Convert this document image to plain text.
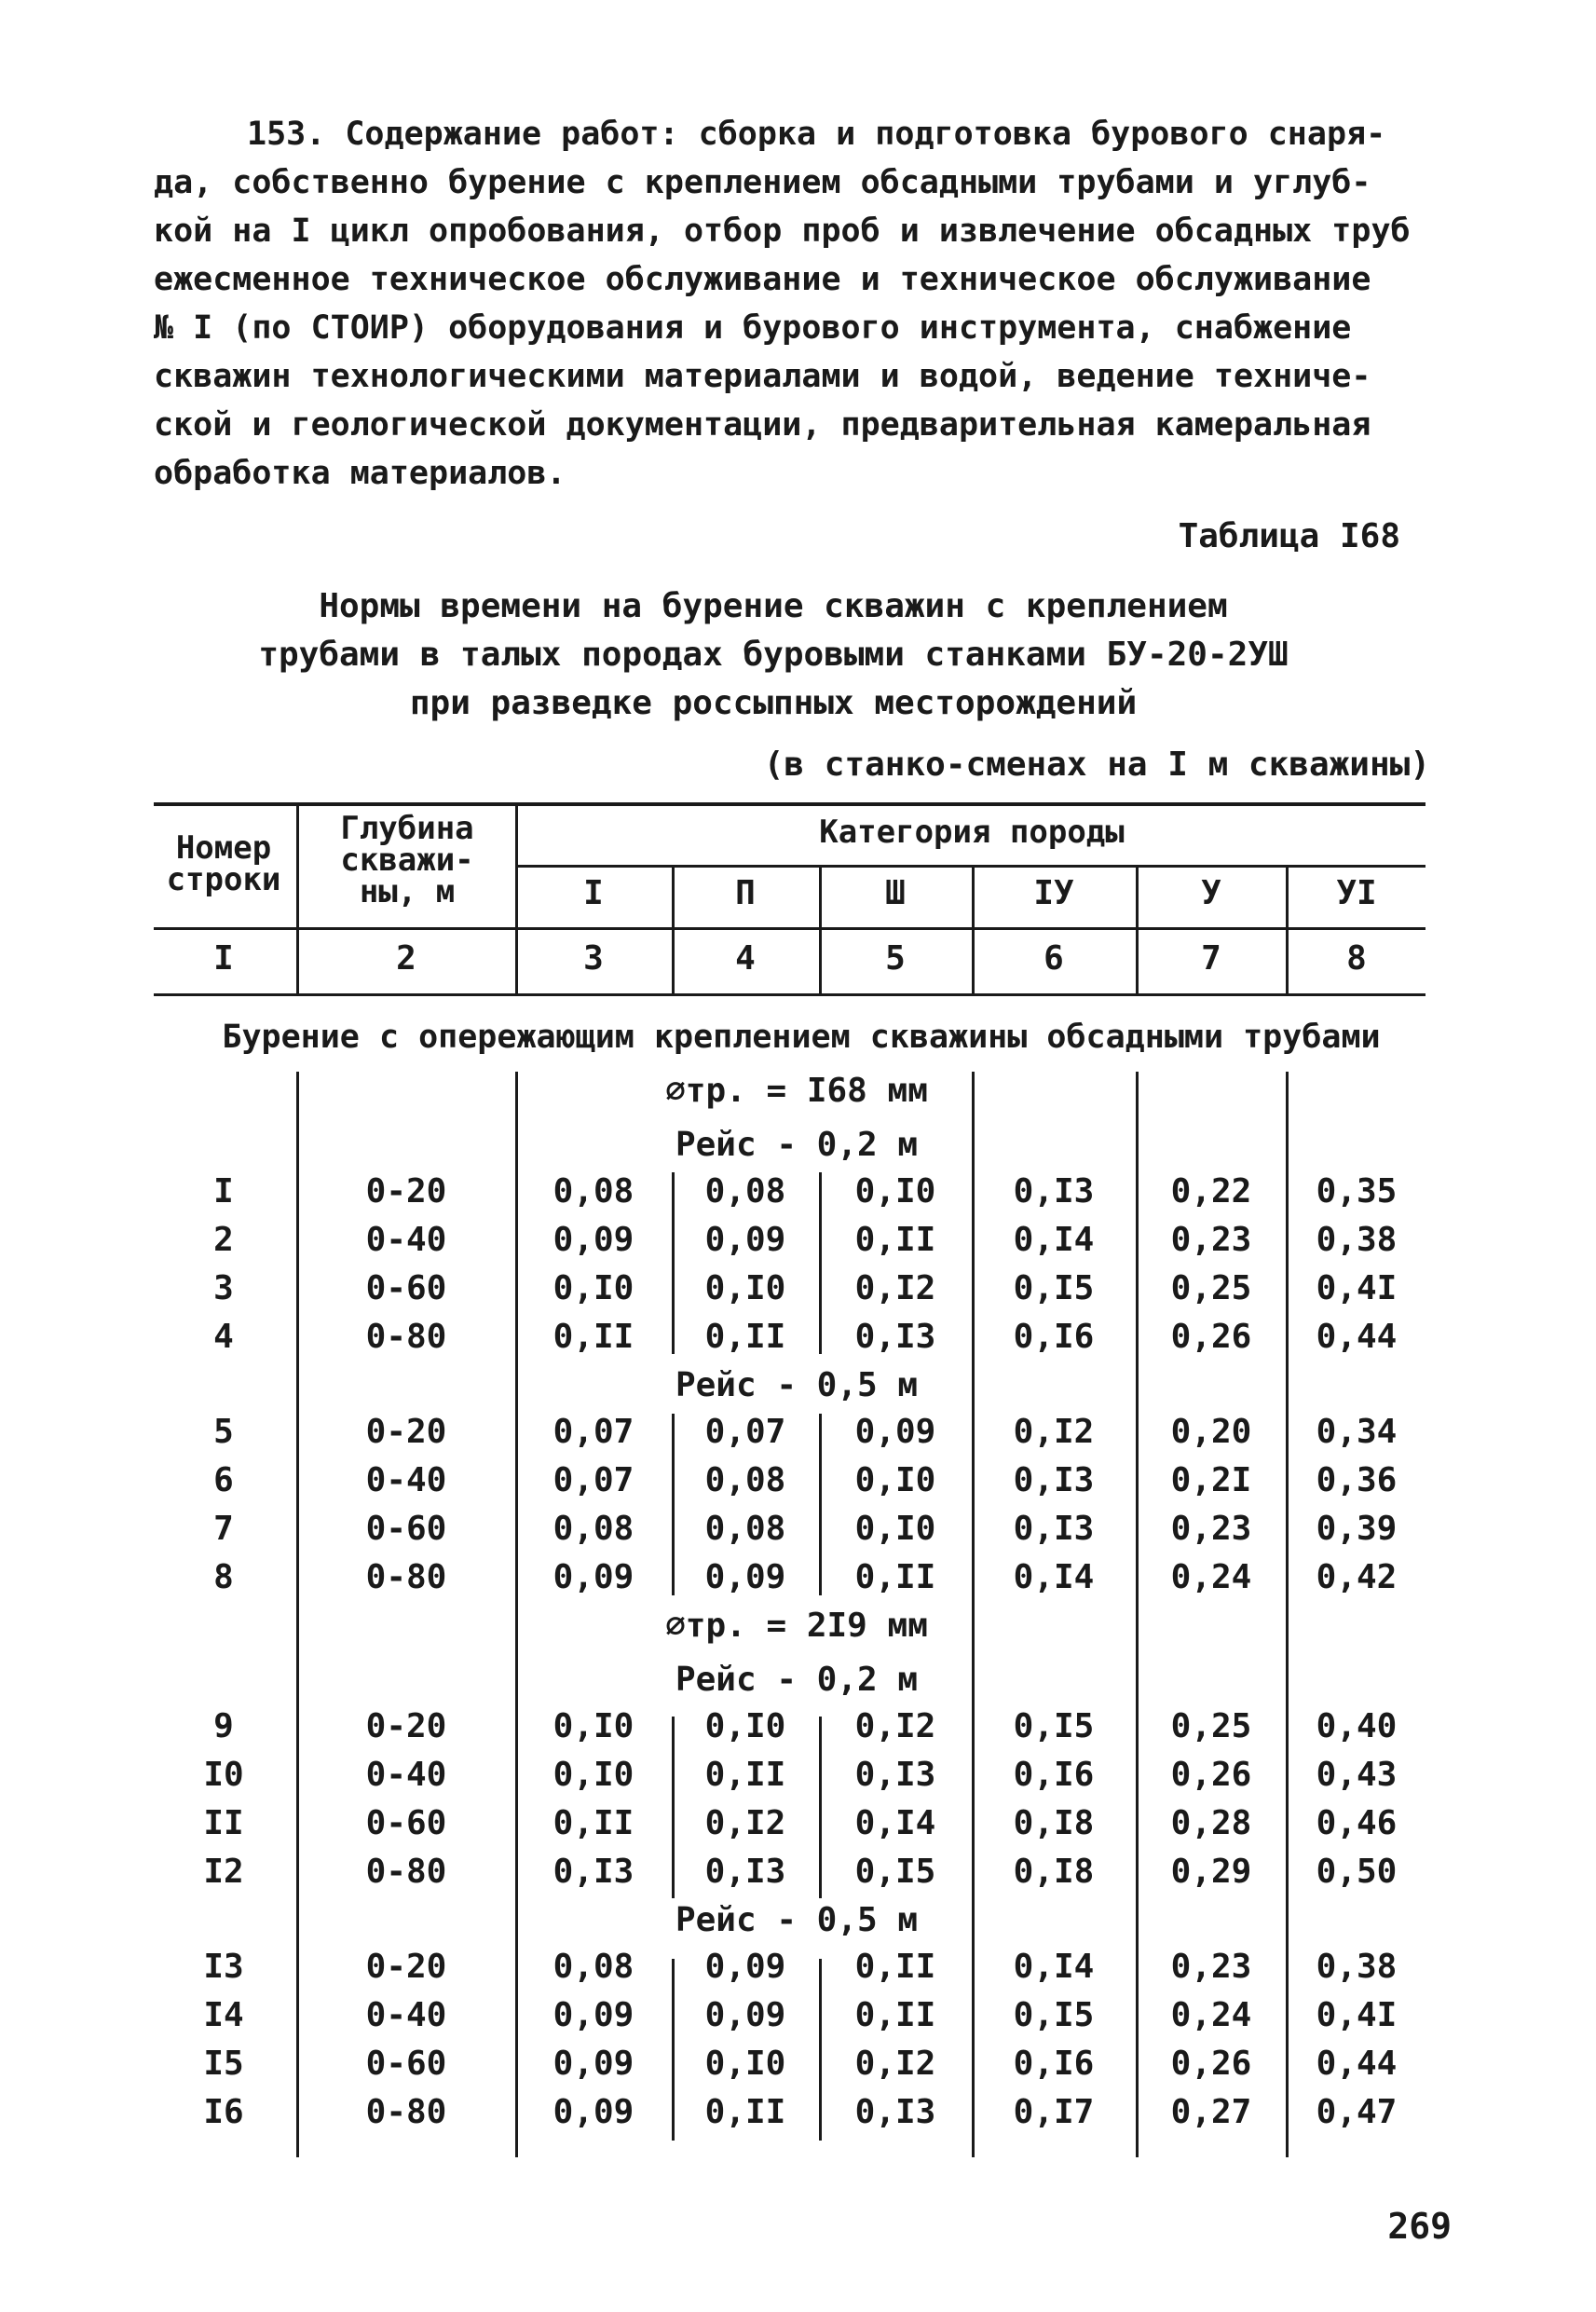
153. Содержание работ: сборка и подготовка бурового снаря-
да, собственно бурение с креплением обсадными трубами и углуб-
кой на I цикл опробования, отбор проб и извлечение обсадных труб
ежесменное техническое обслуживание и техническое обслуживание
№ I (по СТОИР) оборудования и бурового инструмента, снабжение
скважин технологическими материалами и водой, ведение техниче-
ской и геологической документации, предварительная камеральная
обработка материалов.
Таблица I68
Нормы времени на бурение скважин с креплением
трубами в талых породах буровыми станками БУ-20-2УШ
при разведке россыпных месторождений
(в станко-сменах на I м скважины)
Номер
строки
Глубина
скважи-
ны, м
Категория породы
I	П	Ш	IУ	У	УI
I	2	3	4	5	6	7	8
Бурение с опережающим креплением скважины обсадными трубами
∅тр. = I68 мм
Рейс - 0,2 м
I	0-20	0,08 0,08 0,I0 0,I3 0,22 0,35
2	0-40	0,09 0,09 0,II 0,I4 0,23 0,38
3	0-60	0,I0 0,I0 0,I2 0,I5 0,25 0,4I
4	0-80	0,II 0,II 0,I3 0,I6 0,26 0,44
Рейс - 0,5 м
5	0-20	0,07 0,07 0,09 0,I2 0,20 0,34
6	0-40	0,07 0,08 0,I0 0,I3 0,2I 0,36
7	0-60	0,08 0,08 0,I0 0,I3 0,23 0,39
8	0-80	0,09 0,09 0,II 0,I4 0,24 0,42
∅тр. = 2I9 мм
Рейс - 0,2 м
9	0-20	0,I0 0,I0 0,I2 0,I5 0,25 0,40
I0	0-40	0,I0 0,II 0,I3 0,I6 0,26 0,43
II	0-60	0,II 0,I2 0,I4 0,I8 0,28 0,46
I2	0-80	0,I3 0,I3 0,I5 0,I8 0,29 0,50
Рейс - 0,5 м
I3	0-20	0,08 0,09 0,II 0,I4 0,23 0,38
I4	0-40	0,09 0,09 0,II 0,I5 0,24 0,4I
I5	0-60	0,09 0,I0 0,I2 0,I6 0,26 0,44
I6	0-80	0,09 0,II 0,I3 0,I7 0,27 0,47
269
